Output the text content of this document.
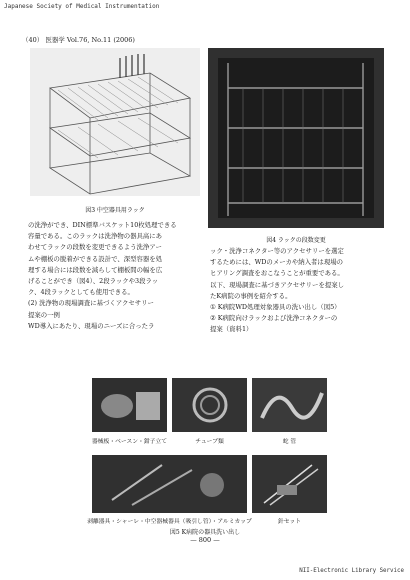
Japanese Society of Medical Instrumentation
（40） 医器学 Vol.76, No.11 (2006)
図3 中空器具用ラック
図4 ラックの段数変更
の洗浄ができ、DIN標準バスケット10枚処理できる
容量である。このラックは洗浄物の器具高にあ
わせてラックの段数を変更できるよう洗浄アー
ムや棚板の脱着ができる設計で、深型容器を処
理する場合には段数を減らして棚板間の幅を広
げることができ（図4）、2段ラックや3段ラッ
ク、4段ラックとしても使用できる。
(2) 洗浄物の現場調査に基づくアクセサリー
提案の一例
WD導入にあたり、現場のニーズに合ったラ
ック・洗浄コネクター等のアクセサリーを選定
するためには、WDのメーカや納入者は現場の
ヒアリング調査をおこなうことが重要である。
以下、現場調査に基づきアクセサリーを提案し
たK病院の事例を紹介する。
① K病院WD処理対象器具の洗い出し（図5）
② K病院向けラックおよび洗浄コネクターの
提案（資料1）
器械板・ベースン・鉗子立て	チューブ類	蛇 管
剥離器具・シャーレ・中空器械器具（吸引し管）・アルミカップ	針セット
図5 K病院の器具洗い出し
— 800 —
NII-Electronic Library Service
